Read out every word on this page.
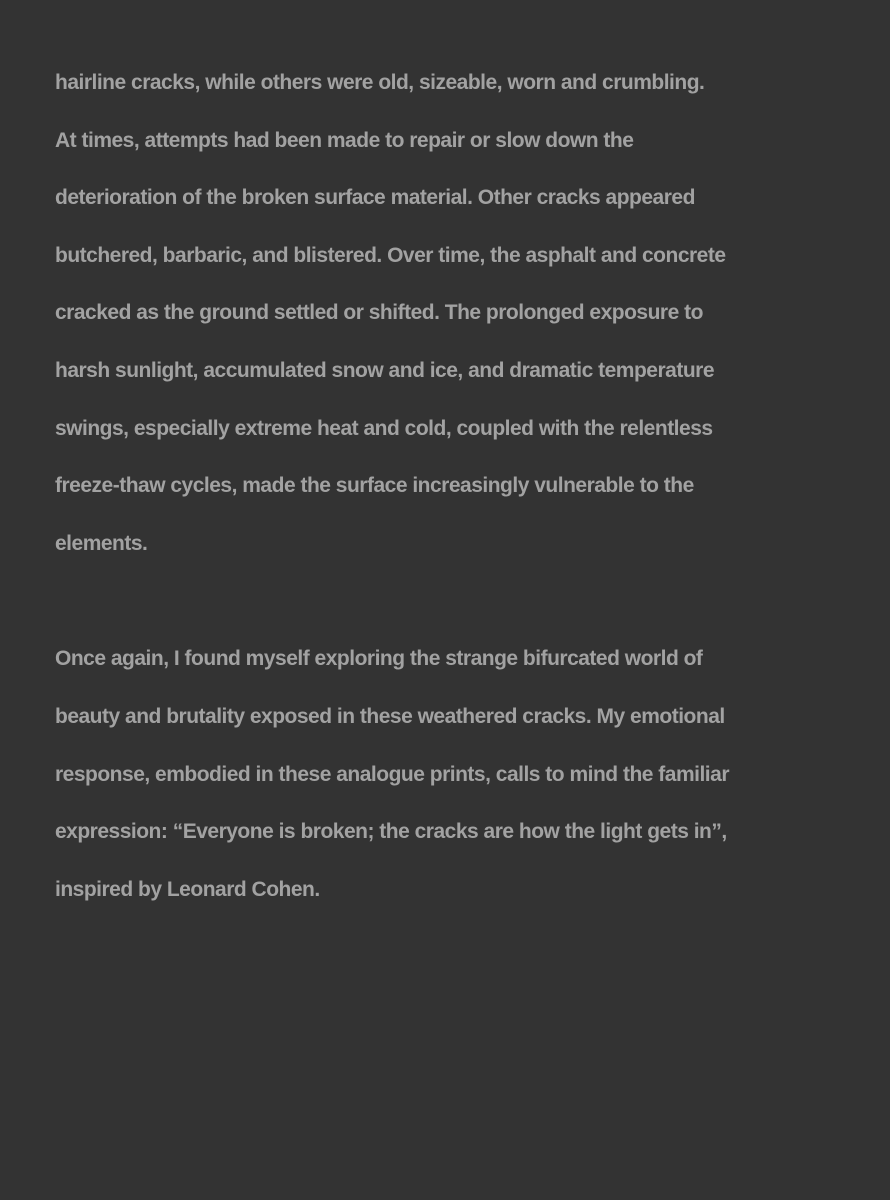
hairline cracks, while others were old, sizeable, worn and crumbling.
At times, attempts had been made to repair or slow down the
deterioration of the broken surface material. Other cracks appeared
butchered, barbaric, and blistered. Over time, the asphalt and concrete
cracked as the ground settled or shifted. The prolonged exposure to
harsh sunlight, accumulated snow and ice, and dramatic temperature
swings, especially extreme heat and cold, coupled with the relentless
freeze-thaw cycles, made the surface increasingly vulnerable to the
elements.

Once again, I found myself exploring the strange bifurcated world of
beauty and brutality exposed in these weathered cracks. My emotional
response, embodied in these analogue prints, calls to mind the familiar
expression: “Everyone is broken; the cracks are how the light gets in”,
inspired by Leonard Cohen.
